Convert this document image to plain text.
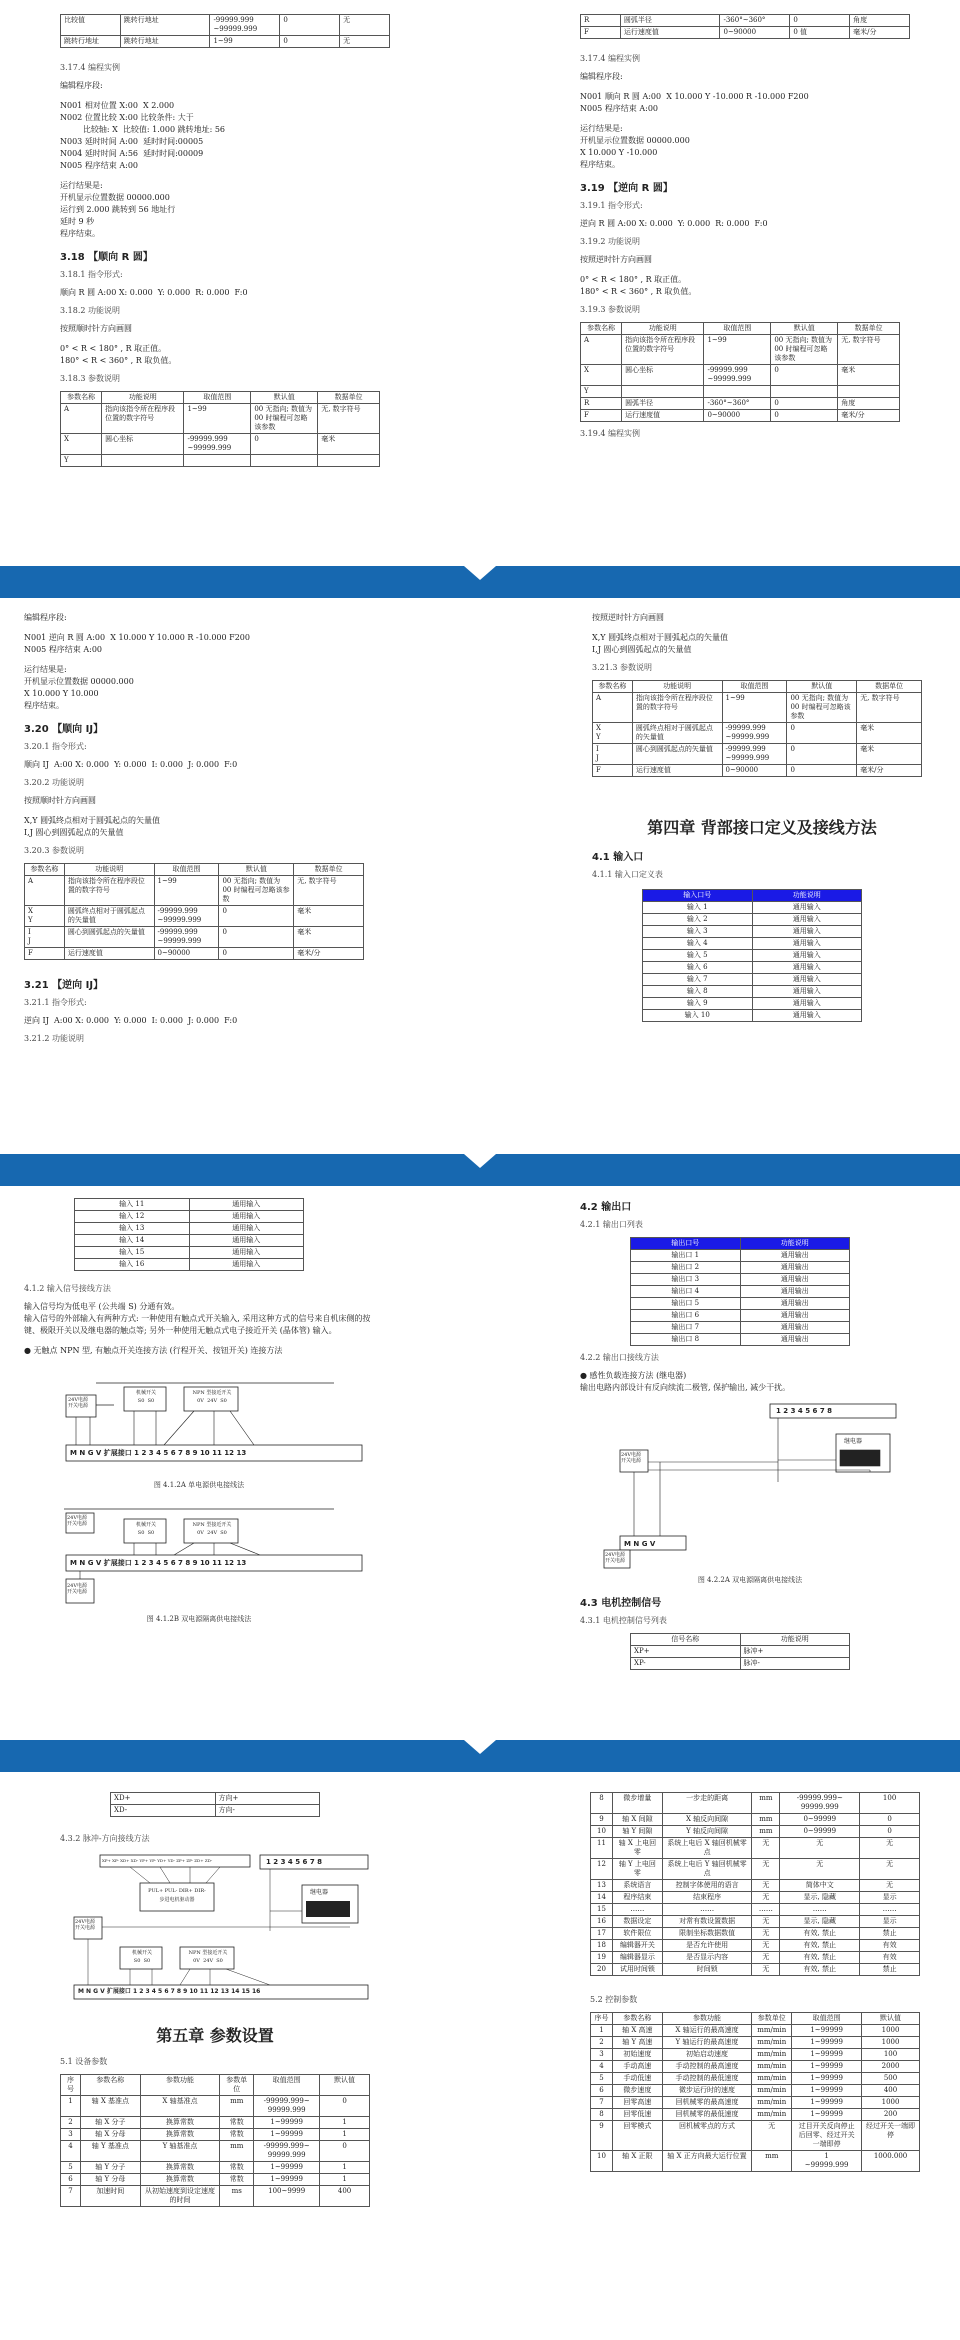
比较值	跳转行地址	-99999.999
~99999.999	0	无
跳转行地址	跳转行地址	1~99	0	无

3.17.4 编程实例

编辑程序段:

N001 相对位置 X:00  X 2.000
N002 位置比较 X:00 比较条件: 大于
比较轴: X  比较值: 1.000 跳转地址: 56
N003 延时时间 A:00  延时时间:00005
N004 延时时间 A:56  延时时间:00009
N005 程序结束 A:00

运行结果是:

开机显示位置数据 00000.000
运行到 2.000 跳转到 56 地址行
延时 9 秒
程序结束。

3.18 【顺向 R 圆】

3.18.1 指令形式:

顺向 R 圆 A:00 X: 0.000  Y: 0.000  R: 0.000  F:0

3.18.2 功能说明

按照顺时针方向画圆

0° < R < 180° , R 取正值。
180° < R < 360° , R 取负值。

3.18.3 参数说明

参数名称	功能说明	取值范围	默认值	数据单位
A	指向该指令所在程序段位置的数字符号	1~99	00 无指向; 数值为 00 时编程可忽略该参数	无, 数字符号
X	圆心坐标	-99999.999
~99999.999	0	毫米
Y				
R	圆弧半径	-360°~360°	0	角度
F	运行速度值	0~90000	0 值	毫米/分

3.17.4 编程实例

编辑程序段:

N001 顺向 R 圆 A:00  X 10.000 Y -10.000 R -10.000 F200
N005 程序结束 A:00

运行结果是:

开机显示位置数据 00000.000
X 10.000 Y -10.000
程序结束。

3.19 【逆向 R 圆】

3.19.1 指令形式:

逆向 R 圆 A:00 X: 0.000  Y: 0.000  R: 0.000  F:0

3.19.2 功能说明

按照逆时针方向画圆

0° < R < 180° , R 取正值。
180° < R < 360° , R 取负值。

3.19.3 参数说明

参数名称	功能说明	取值范围	默认值	数据单位
A	指向该指令所在程序段位置的数字符号	1~99	00 无指向; 数值为 00 时编程可忽略该参数	无, 数字符号
X	圆心坐标	-99999.999
~99999.999	0	毫米
Y				
R	圆弧半径	-360°~360°	0	角度
F	运行速度值	0~90000	0	毫米/分

3.19.4 编程实例

编辑程序段:

N001 逆向 R 圆 A:00  X 10.000 Y 10.000 R -10.000 F200
N005 程序结束 A:00

运行结果是:

开机显示位置数据 00000.000
X 10.000 Y 10.000
程序结束。

3.20 【顺向 IJ】

3.20.1 指令形式:

顺向 IJ  A:00 X: 0.000  Y: 0.000  I: 0.000  J: 0.000  F:0

3.20.2 功能说明

按照顺时针方向画圆

X,Y 圆弧终点相对于圆弧起点的矢量值
I,J 圆心到圆弧起点的矢量值

3.20.3 参数说明

参数名称	功能说明	取值范围	默认值	数据单位
A	指向该指令所在程序段位置的数字符号	1~99	00 无指向; 数值为 00 时编程可忽略该参数	无, 数字符号
X
Y	圆弧终点相对于圆弧起点的矢量值	-99999.999
~99999.999	0	毫米
I
J	圆心到圆弧起点的矢量值	-99999.999
~99999.999	0	毫米
F	运行速度值	0~90000	0	毫米/分
3.21 【逆向 IJ】

3.21.1 指令形式:

逆向 IJ  A:00 X: 0.000  Y: 0.000  I: 0.000  J: 0.000  F:0

3.21.2 功能说明

按照逆时针方向画圆

X,Y 圆弧终点相对于圆弧起点的矢量值
I,J 圆心到圆弧起点的矢量值

3.21.3 参数说明

参数名称	功能说明	取值范围	默认值	数据单位
A	指向该指令所在程序段位置的数字符号	1~99	00 无指向; 数值为 00 时编程可忽略该参数	无, 数字符号
X
Y	圆弧终点相对于圆弧起点的矢量值	-99999.999
~99999.999	0	毫米
I
J	圆心到圆弧起点的矢量值	-99999.999
~99999.999	0	毫米
F	运行速度值	0~90000	0	毫米/分
第四章 背部接口定义及接线方法
4.1 输入口

4.1.1 输入口定义表

输入口号	功能说明
输入 1	通用输入
输入 2	通用输入
输入 3	通用输入
输入 4	通用输入
输入 5	通用输入
输入 6	通用输入
输入 7	通用输入
输入 8	通用输入
输入 9	通用输入
输入 10	通用输入
输入 11	通用输入
输入 12	通用输入
输入 13	通用输入
输入 14	通用输入
输入 15	通用输入
输入 16	通用输入

4.1.2 输入信号接线方法

输入信号均为低电平 (公共端 S) 分通有效。
输入信号的外部输入有两种方式: 一种使用有触点式开关输入, 采用这种方式的信号来自机床侧的按键、极限开关以及继电器的触点等; 另外一种使用无触点式电子接近开关 (晶体管) 输入。

● 无触点 NPN 型, 有触点开关连接方法 (行程开关、按钮开关) 连接方法

24V电源
开关电源
机械开关
S0  S0
NPN 型接近开关
0V  24V  S0
M N G V 扩展接口 1 2 3 4 5 6 7 8 9 10 11 12 13

图 4.1.2A 单电源供电接线法

24V电源
开关电源	机械开关
S0  S0
NPN 型接近开关
0V  24V  S0
M N G V 扩展接口 1 2 3 4 5 6 7 8 9 10 11 12 13
24V电源
开关电源

图 4.1.2B 双电源隔离供电接线法

4.2 输出口

4.2.1 输出口列表

输出口号	功能说明
输出口 1	通用输出
输出口 2	通用输出
输出口 3	通用输出
输出口 4	通用输出
输出口 5	通用输出
输出口 6	通用输出
输出口 7	通用输出
输出口 8	通用输出

4.2.2 输出口接线方法

● 感性负载连接方法 (继电器)

输出电路内部设计有反向续流二极管, 保护输出, 减少干扰。

1 2 3 4 5 6 7 8
继电器
24V电源
开关电源
M N G V
24V电源
开关电源

图 4.2.2A 双电源隔离供电接线法

4.3 电机控制信号

4.3.1 电机控制信号列表

信号名称	功能说明
XP+	脉冲+
XP-	脉冲-
XD+	方向+
XD-	方向-

4.3.2 脉冲-方向接线方法

XP+ XP- XD+ XD- YP+ YP- YD+ YD- ZP+ ZP- ZD+ ZD-	1 2 3 4 5 6 7 8
PUL+ PUL- DIR+ DIR-
步进电机驱动器
继电器
24V电源
开关电源
机械开关
S0  S0
NPN 型接近开关
0V  24V  S0
M N G V 扩展接口 1 2 3 4 5 6 7 8 9 10 11 12 13 14 15 16
第五章 参数设置

5.1 设备参数

序号	参数名称	参数功能	参数单位	取值范围	默认值
1	轴 X 基准点	X 轴基准点	mm	-99999.999~
99999.999	0
2	轴 X 分子	换算常数	常数	1~99999	1
3	轴 X 分母	换算常数	常数	1~99999	1
4	轴 Y 基准点	Y 轴基准点	mm	-99999.999~
99999.999	0
5	轴 Y 分子	换算常数	常数	1~99999	1
6	轴 Y 分母	换算常数	常数	1~99999	1
7	加速时间	从初始速度到设定速度的时间	ms	100~9999	400
8	微步增量	一步走的距离	mm	-99999.999~
99999.999	100
9	轴 X 间隙	X 轴反向间隙	mm	0~99999	0
10	轴 Y 间隙	Y 轴反向间隙	mm	0~99999	0
11	轴 X 上电回零	系统上电后 X 轴回机械零点	无	无	无
12	轴 Y 上电回零	系统上电后 Y 轴回机械零点	无	无	无
13	系统语言	控制字体使用的语言	无	简体中文	无
14	程序结束	结束程序	无	显示, 隐藏	显示
15	……	……	……	……	……
16	数据设定	对常有数设置数据	无	显示, 隐藏	显示
17	软件限位	限制坐标数据数值	无	有效, 禁止	禁止
18	编辑器开关	是否允许使用	无	有效, 禁止	有效
19	编辑器显示	是否显示内容	无	有效, 禁止	有效
20	试用时间锁	时间锁	无	有效, 禁止	禁止

5.2 控制参数

序号	参数名称	参数功能	参数单位	取值范围	默认值
1	轴 X 高速	X 轴运行的最高速度	mm/min	1~99999	1000
2	轴 Y 高速	Y 轴运行的最高速度	mm/min	1~99999	1000
3	初始速度	初始启动速度	mm/min	1~99999	100
4	手动高速	手动控制的最高速度	mm/min	1~99999	2000
5	手动低速	手动控制的最低速度	mm/min	1~99999	500
6	微步速度	微步运行时的速度	mm/min	1~99999	400
7	回零高速	回机械零的最高速度	mm/min	1~99999	1000
8	回零低速	回机械零的最低速度	mm/min	1~99999	200
9	回零模式	回机械零点的方式	无	过目开关反向停止后回零、经过开关一端即停	经过开关一端即停
10	轴 X 正限	轴 X 正方向最大运行位置	mm	1
~99999.999	1000.000
